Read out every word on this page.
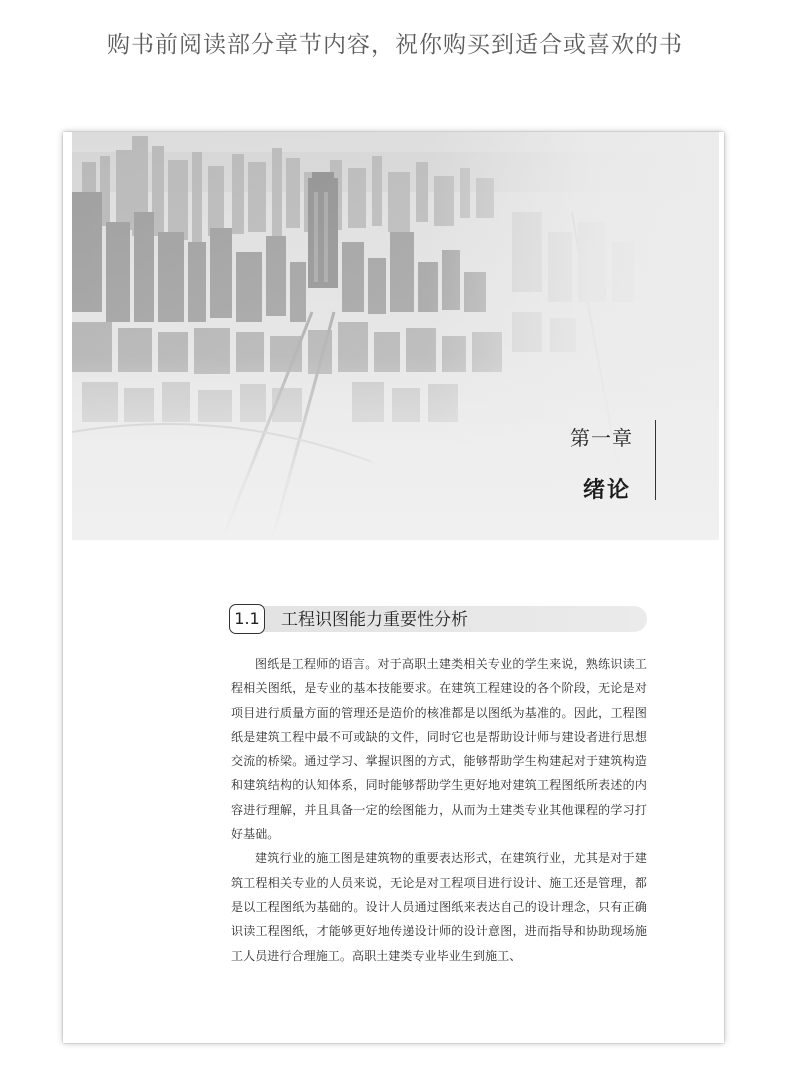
购书前阅读部分章节内容，祝你购买到适合或喜欢的书
第一章
绪论
1.1	工程识图能力重要性分析

图纸是工程师的语言。对于高职土建类相关专业的学生来说，熟练识读工程相关图纸，是专业的基本技能要求。在建筑工程建设的各个阶段，无论是对项目进行质量方面的管理还是造价的核准都是以图纸为基准的。因此，工程图纸是建筑工程中最不可或缺的文件，同时它也是帮助设计师与建设者进行思想交流的桥梁。通过学习、掌握识图的方式，能够帮助学生构建起对于建筑构造和建筑结构的认知体系，同时能够帮助学生更好地对建筑工程图纸所表述的内容进行理解，并且具备一定的绘图能力，从而为土建类专业其他课程的学习打好基础。

建筑行业的施工图是建筑物的重要表达形式，在建筑行业，尤其是对于建筑工程相关专业的人员来说，无论是对工程项目进行设计、施工还是管理，都是以工程图纸为基础的。设计人员通过图纸来表达自己的设计理念，只有正确识读工程图纸，才能够更好地传递设计师的设计意图，进而指导和协助现场施工人员进行合理施工。高职土建类专业毕业生到施工、
